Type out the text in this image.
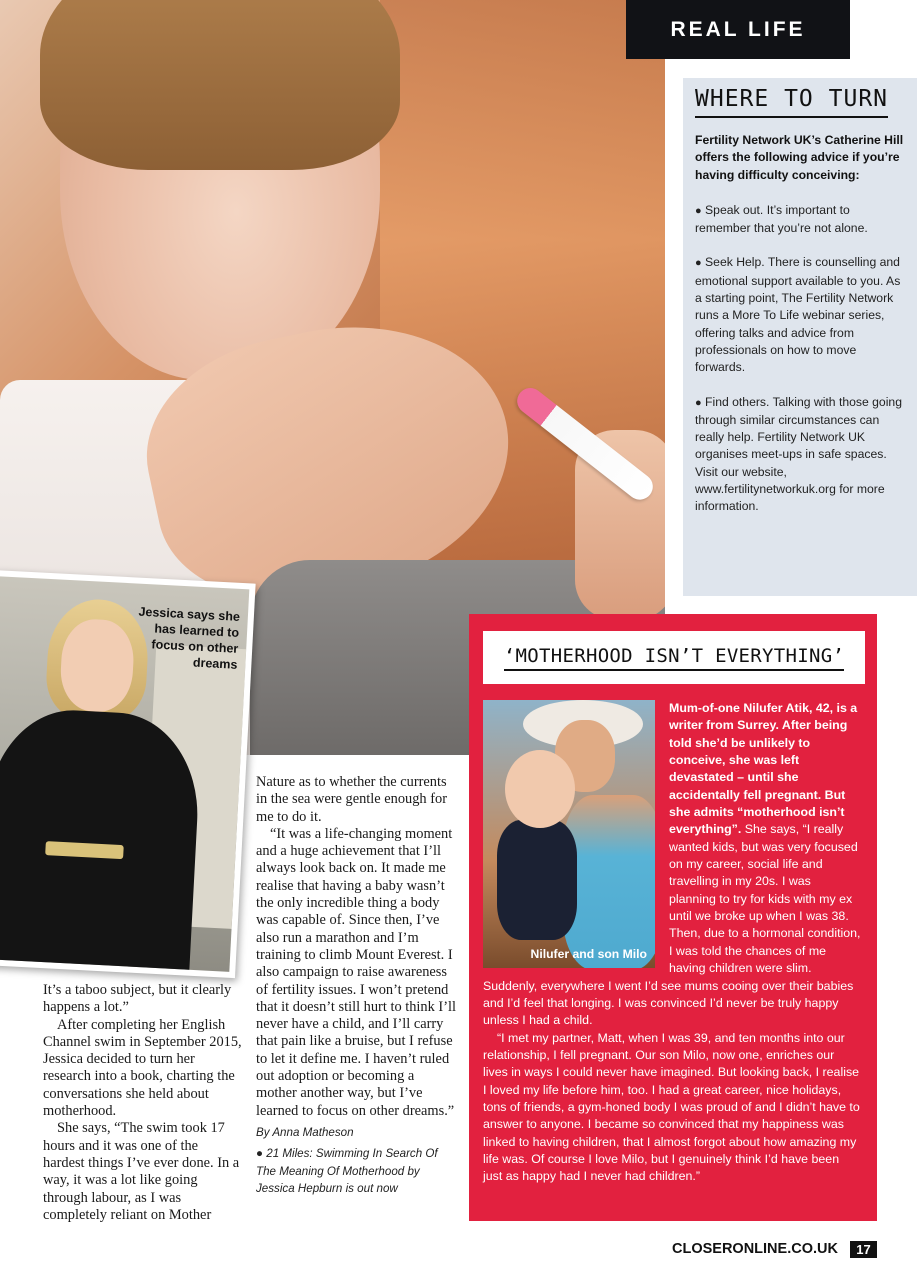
REAL LIFE
WHERE TO TURN

Fertility Network UK’s Catherine Hill offers the following advice if you’re having difficulty conceiving:

● Speak out. It’s important to remember that you’re not alone.

● Seek Help. There is counselling and emotional support available to you. As a starting point, The Fertility Network runs a More To Life webinar series, offering talks and advice from professionals on how to move forwards.

● Find others. Talking with those going through similar circumstances can really help. Fertility Network UK organises meet-ups in safe spaces. Visit our website, www.fertilitynetworkuk.org for more information.

Jessica says she has learned to focus on other dreams

It’s a taboo subject, but it clearly happens a lot.”

After completing her English Channel swim in September 2015, Jessica decided to turn her research into a book, charting the conversations she held about motherhood.

She says, “The swim took 17 hours and it was one of the hardest things I’ve ever done. In a way, it was a lot like going through labour, as I was completely reliant on Mother

Nature as to whether the currents in the sea were gentle enough for me to do it.

“It was a life-changing moment and a huge achievement that I’ll always look back on. It made me realise that having a baby wasn’t the only incredible thing a body was capable of. Since then, I’ve also run a marathon and I’m training to climb Mount Everest. I also campaign to raise awareness of fertility issues. I won’t pretend that it doesn’t still hurt to think I’ll never have a child, and I’ll carry that pain like a bruise, but I refuse to let it define me. I haven’t ruled out adoption or becoming a mother another way, but I’ve learned to focus on other dreams.”

By Anna Matheson
● 21 Miles: Swimming In Search Of The Meaning Of Motherhood by Jessica Hepburn is out now
‘MOTHERHOOD ISN’T EVERYTHING’
Nilufer and son Milo

Mum-of-one Nilufer Atik, 42, is a writer from Surrey. After being told she’d be unlikely to conceive, she was left devastated – until she accidentally fell pregnant. But she admits “motherhood isn’t everything”. She says, “I really wanted kids, but was very focused on my career, social life and travelling in my 20s. I was planning to try for kids with my ex until we broke up when I was 38. Then, due to a hormonal condition, I was told the chances of me having children were slim. Suddenly, everywhere I went I’d see mums cooing over their babies and I’d feel that longing. I was convinced I’d never be truly happy unless I had a child.

“I met my partner, Matt, when I was 39, and ten months into our relationship, I fell pregnant. Our son Milo, now one, enriches our lives in ways I could never have imagined. But looking back, I realise I loved my life before him, too. I had a great career, nice holidays, tons of friends, a gym-honed body I was proud of and I didn’t have to answer to anyone. I became so convinced that my happiness was linked to having children, that I almost forgot about how amazing my life was. Of course I love Milo, but I genuinely think I’d have been just as happy had I never had children.”

CLOSERONLINE.CO.UK	17
